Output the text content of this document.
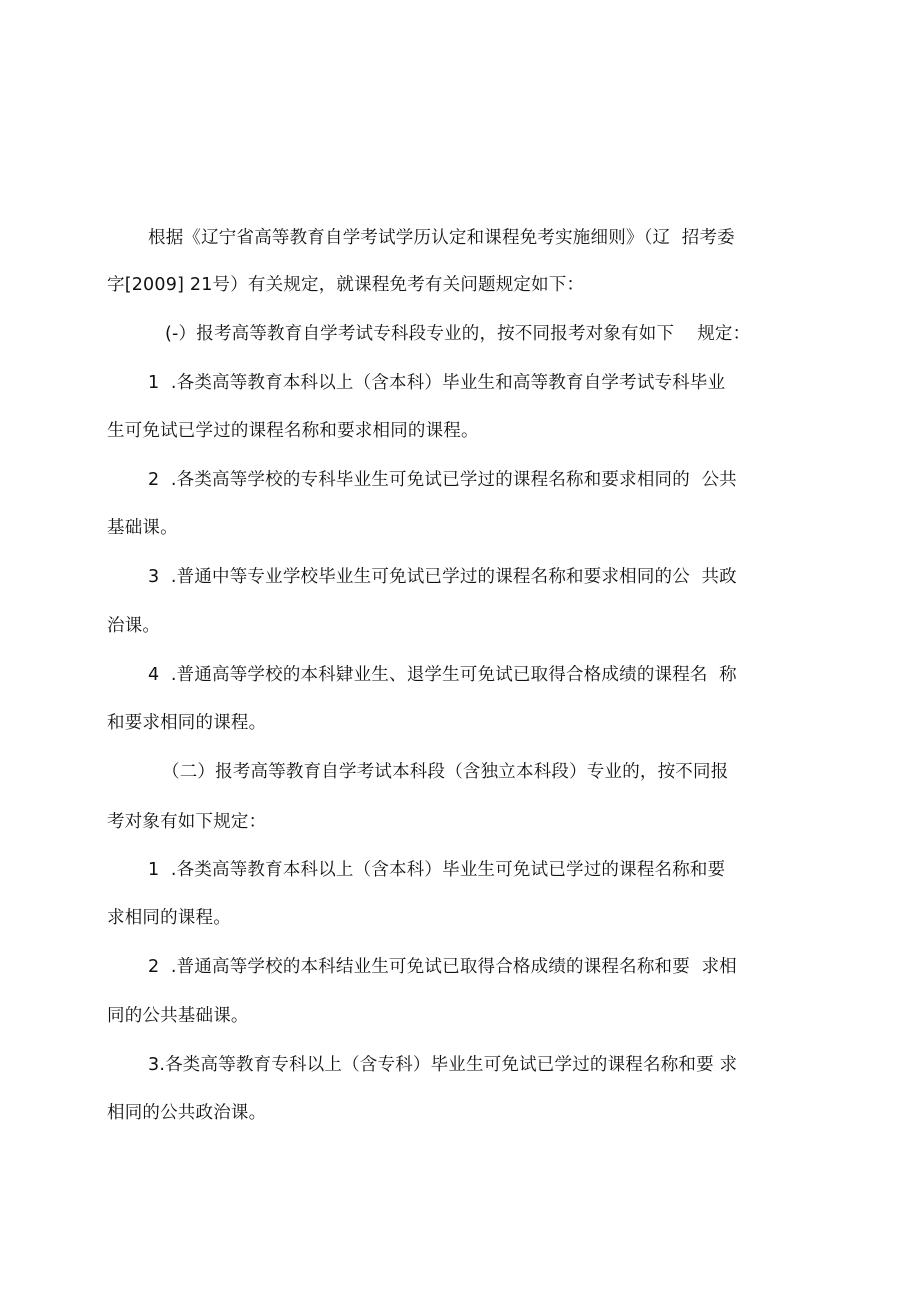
根据《辽宁省高等教育自学考试学历认定和课程免考实施细则》（辽  招考委
字[2009] 21号）有关规定，就课程免考有关问题规定如下：
(-）报考高等教育自学考试专科段专业的，按不同报考对象有如下    规定：
1  .各类高等教育本科以上（含本科）毕业生和高等教育自学考试专科毕业
生可免试已学过的课程名称和要求相同的课程。
2  .各类高等学校的专科毕业生可免试已学过的课程名称和要求相同的  公共
基础课。
3  .普通中等专业学校毕业生可免试已学过的课程名称和要求相同的公  共政
治课。
4  .普通高等学校的本科肄业生、退学生可免试已取得合格成绩的课程名  称
和要求相同的课程。
（二）报考高等教育自学考试本科段（含独立本科段）专业的，按不同报
考对象有如下规定：
1  .各类高等教育本科以上（含本科）毕业生可免试已学过的课程名称和要
求相同的课程。
2  .普通高等学校的本科结业生可免试已取得合格成绩的课程名称和要  求相
同的公共基础课。
3.各类高等教育专科以上（含专科）毕业生可免试已学过的课程名称和要 求
相同的公共政治课。
